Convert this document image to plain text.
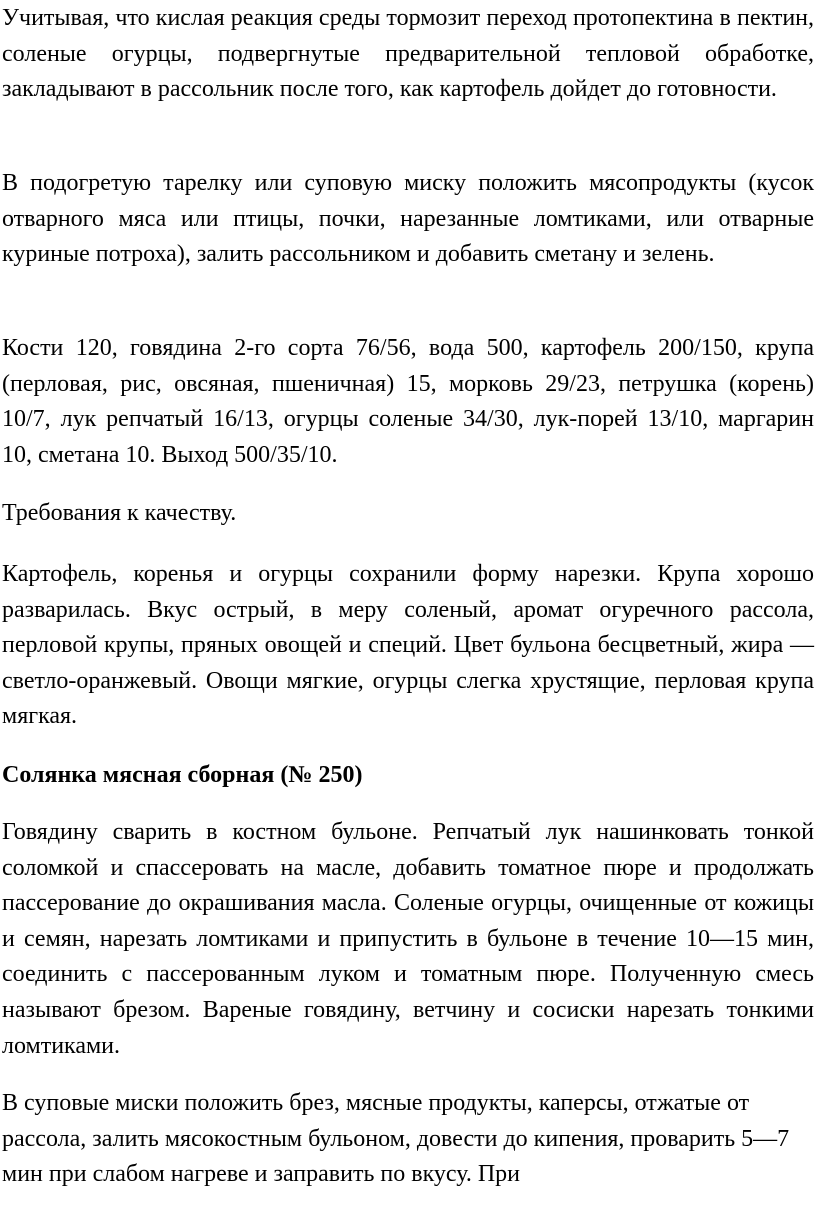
Учитывая, что кислая реакция среды тормозит переход протопектина в пектин, соленые огурцы, подвергнутые предварительной тепловой обработке, закладывают в рассольник после того, как картофель дойдет до готовности.

В подогретую тарелку или суповую миску положить мясопродукты (кусок отварного мяса или птицы, почки, нарезанные ломтиками, или отварные куриные потроха), залить рассольником и добавить сметану и зелень.

Кости 120, говядина 2-го сорта 76/56, вода 500, картофель 200/150, крупа (перловая, рис, овсяная, пшеничная) 15, морковь 29/23, петрушка (корень) 10/7, лук репчатый 16/13, огурцы соленые 34/30, лук-порей 13/10, маргарин 10, сметана 10. Выход 500/35/10.

Требования к качеству.

Картофель, коренья и огурцы сохранили форму нарезки. Крупа хорошо разварилась. Вкус острый, в меру соленый, аромат огуречного рассола, перловой крупы, пряных овощей и специй. Цвет бульона бесцветный, жира — светло-оранжевый. Овощи мягкие, огурцы слегка хрустящие, перловая крупа мягкая.

Солянка мясная сборная (№ 250)

Говядину сварить в костном бульоне. Репчатый лук нашинковать тонкой соломкой и спассеровать на масле, добавить томатное пюре и продолжать пассерование до окрашивания масла. Соленые огурцы, очищенные от кожицы и семян, нарезать ломтиками и припустить в бульоне в течение 10—15 мин, соединить с пассерованным луком и томатным пюре. Полученную смесь называют брезом. Вареные говядину, ветчину и сосиски нарезать тонкими ломтиками.

В суповые миски положить брез, мясные продукты, каперсы, отжатые от рассола, залить мясокостным бульоном, довести до кипения, проварить 5—7 мин при слабом нагреве и заправить по вкусу. При
